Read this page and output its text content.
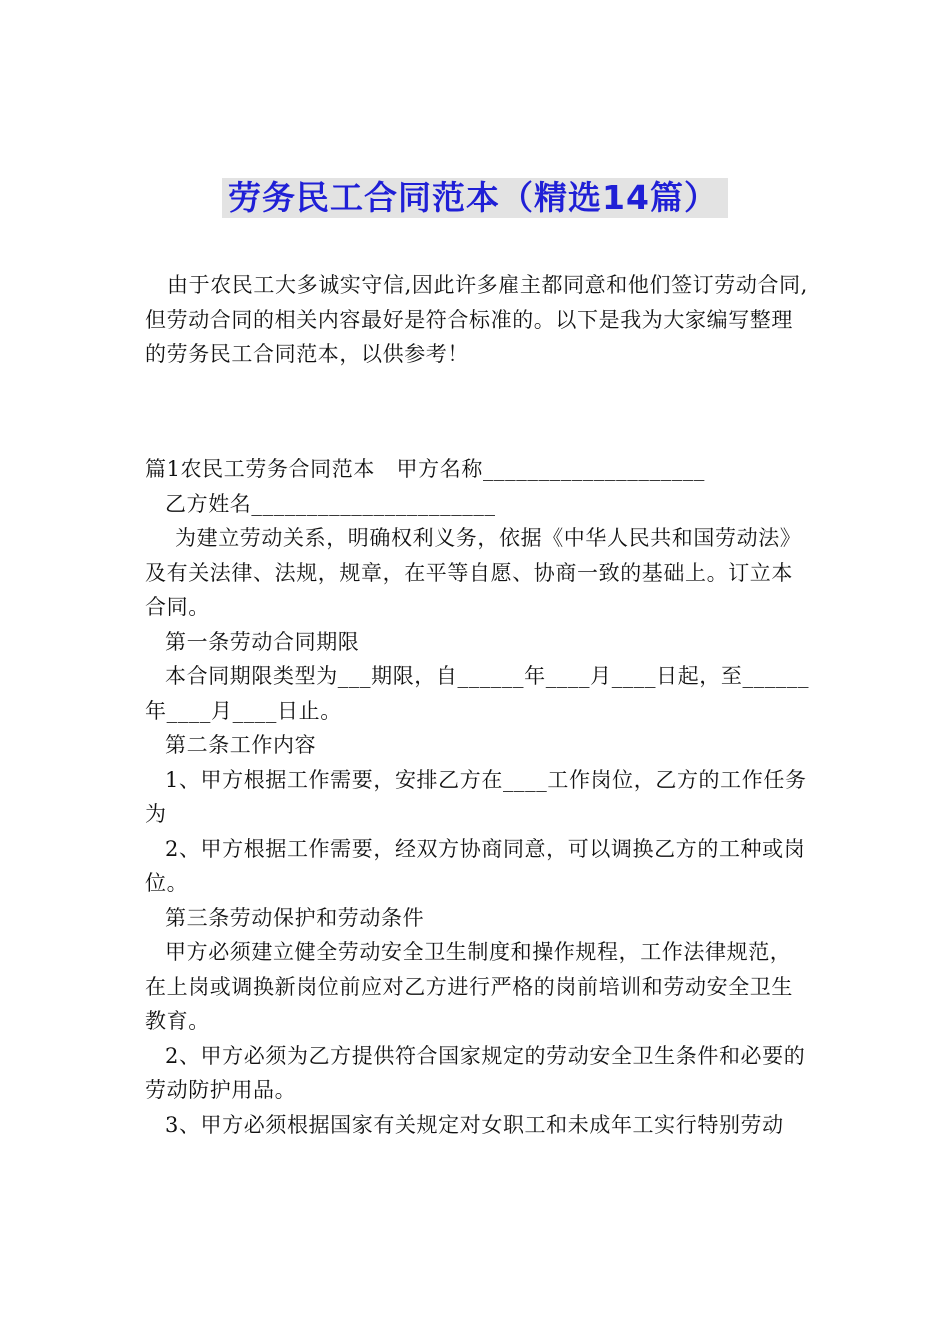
劳务民工合同范本（精选14篇）

由于农民工大多诚实守信,因此许多雇主都同意和他们签订劳动合同,但劳动合同的相关内容最好是符合标准的。以下是我为大家编写整理的劳务民工合同范本，以供参考！

篇1农民工劳务合同范本　甲方名称____________________

乙方姓名______________________

为建立劳动关系，明确权利义务，依据《中华人民共和国劳动法》及有关法律、法规，规章，在平等自愿、协商一致的基础上。订立本合同。

第一条劳动合同期限

本合同期限类型为___期限，自______年____月____日起，至______年____月____日止。

第二条工作内容

1、甲方根据工作需要，安排乙方在____工作岗位，乙方的工作任务为

2、甲方根据工作需要，经双方协商同意，可以调换乙方的工种或岗位。

第三条劳动保护和劳动条件

甲方必须建立健全劳动安全卫生制度和操作规程，工作法律规范，在上岗或调换新岗位前应对乙方进行严格的岗前培训和劳动安全卫生教育。

2、甲方必须为乙方提供符合国家规定的劳动安全卫生条件和必要的劳动防护用品。

3、甲方必须根据国家有关规定对女职工和未成年工实行特别劳动
